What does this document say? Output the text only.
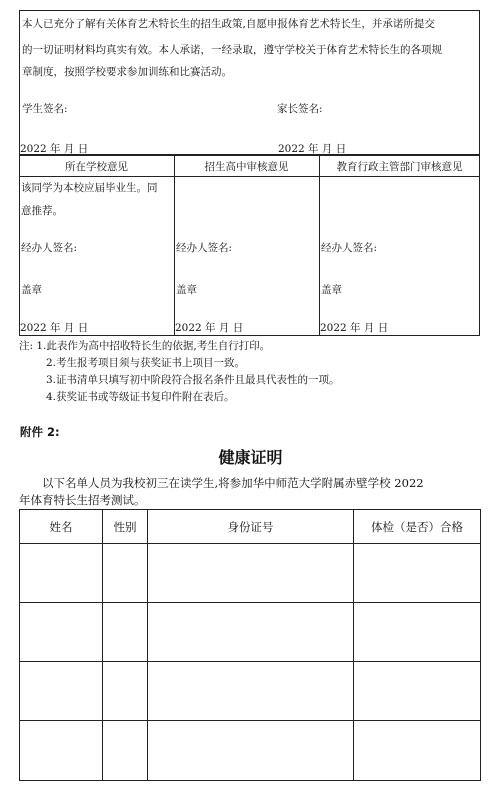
本人已充分了解有关体育艺术特长生的招生政策,自愿申报体育艺术特长生，并承诺所提交
的一切证明材料均真实有效。本人承诺，一经录取，遵守学校关于体育艺术特长生的各项规
章制度，按照学校要求参加训练和比赛活动。
学生签名:	家长签名:
2022 年 月 日	2022 年 月 日
所在学校意见	招生高中审核意见	教育行政主管部门审核意见
该同学为本校应届毕业生。同
意推荐。
经办人签名:	经办人签名:	经办人签名:
盖章	盖章	盖章
2022 年 月 日	2022 年 月 日	2022 年 月 日
注: 1.此表作为高中招收特长生的依据,考生自行打印。
2.考生报考项目须与获奖证书上项目一致。
3.证书清单只填写初中阶段符合报名条件且最具代表性的一项。
4.获奖证书或等级证书复印件附在表后。
附件 2:
健康证明
以下名单人员为我校初三在读学生,将参加华中师范大学附属赤壁学校 2022
年体育特长生招考测试。
姓名	性别	身份证号	体检（是否）合格
